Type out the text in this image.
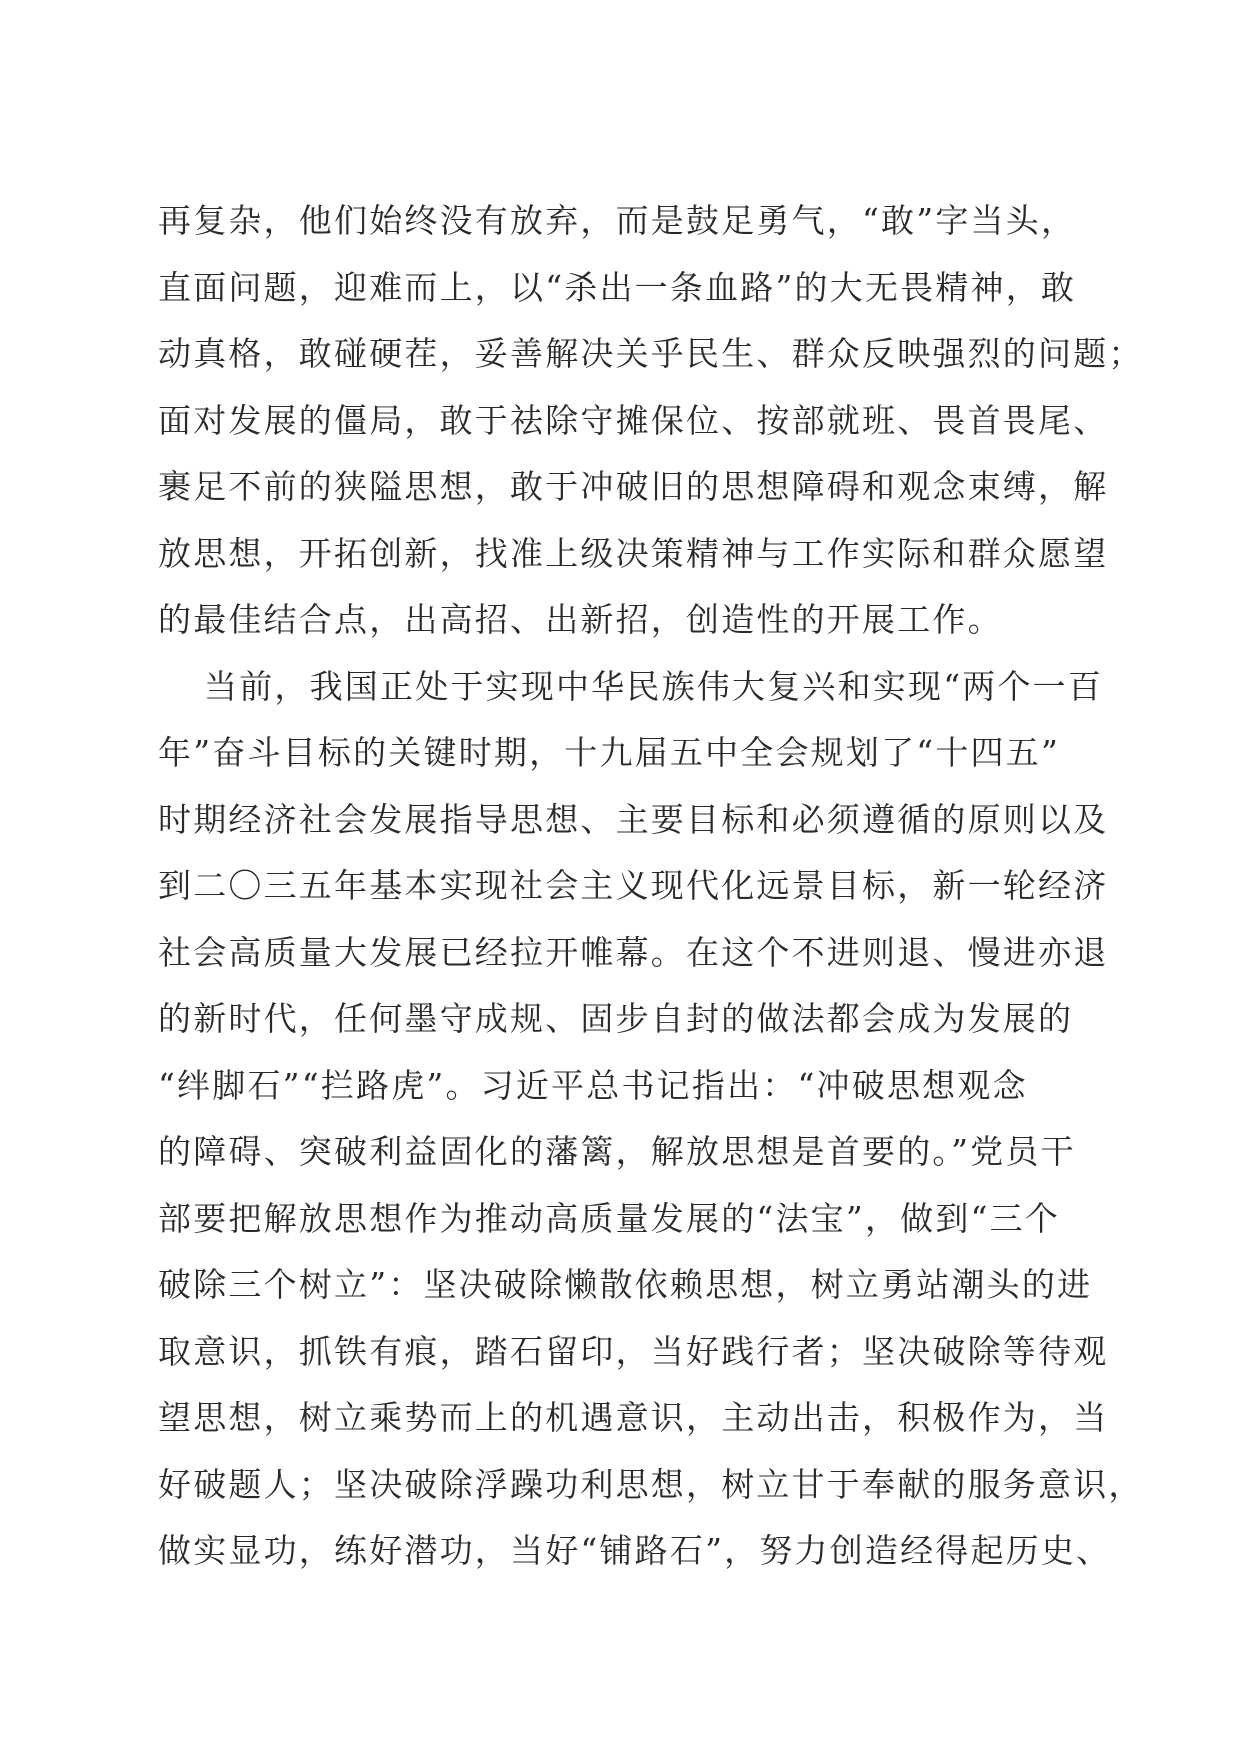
再复杂，他们始终没有放弃，而是鼓足勇气，“敢”字当头，
直面问题，迎难而上，以“杀出一条血路”的大无畏精神，敢
动真格，敢碰硬茬，妥善解决关乎民生、群众反映强烈的问题；
面对发展的僵局，敢于祛除守摊保位、按部就班、畏首畏尾、
裹足不前的狭隘思想，敢于冲破旧的思想障碍和观念束缚，解
放思想，开拓创新，找准上级决策精神与工作实际和群众愿望
的最佳结合点，出高招、出新招，创造性的开展工作。
当前，我国正处于实现中华民族伟大复兴和实现“两个一百
年”奋斗目标的关键时期，十九届五中全会规划了“十四五”
时期经济社会发展指导思想、主要目标和必须遵循的原则以及
到二〇三五年基本实现社会主义现代化远景目标，新一轮经济
社会高质量大发展已经拉开帷幕。在这个不进则退、慢进亦退
的新时代，任何墨守成规、固步自封的做法都会成为发展的
“绊脚石”“拦路虎”。习近平总书记指出：“冲破思想观念
的障碍、突破利益固化的藩篱，解放思想是首要的。”党员干
部要把解放思想作为推动高质量发展的“法宝”，做到“三个
破除三个树立”：坚决破除懒散依赖思想，树立勇站潮头的进
取意识，抓铁有痕，踏石留印，当好践行者；坚决破除等待观
望思想，树立乘势而上的机遇意识，主动出击，积极作为，当
好破题人；坚决破除浮躁功利思想，树立甘于奉献的服务意识，
做实显功，练好潜功，当好“铺路石”，努力创造经得起历史、
